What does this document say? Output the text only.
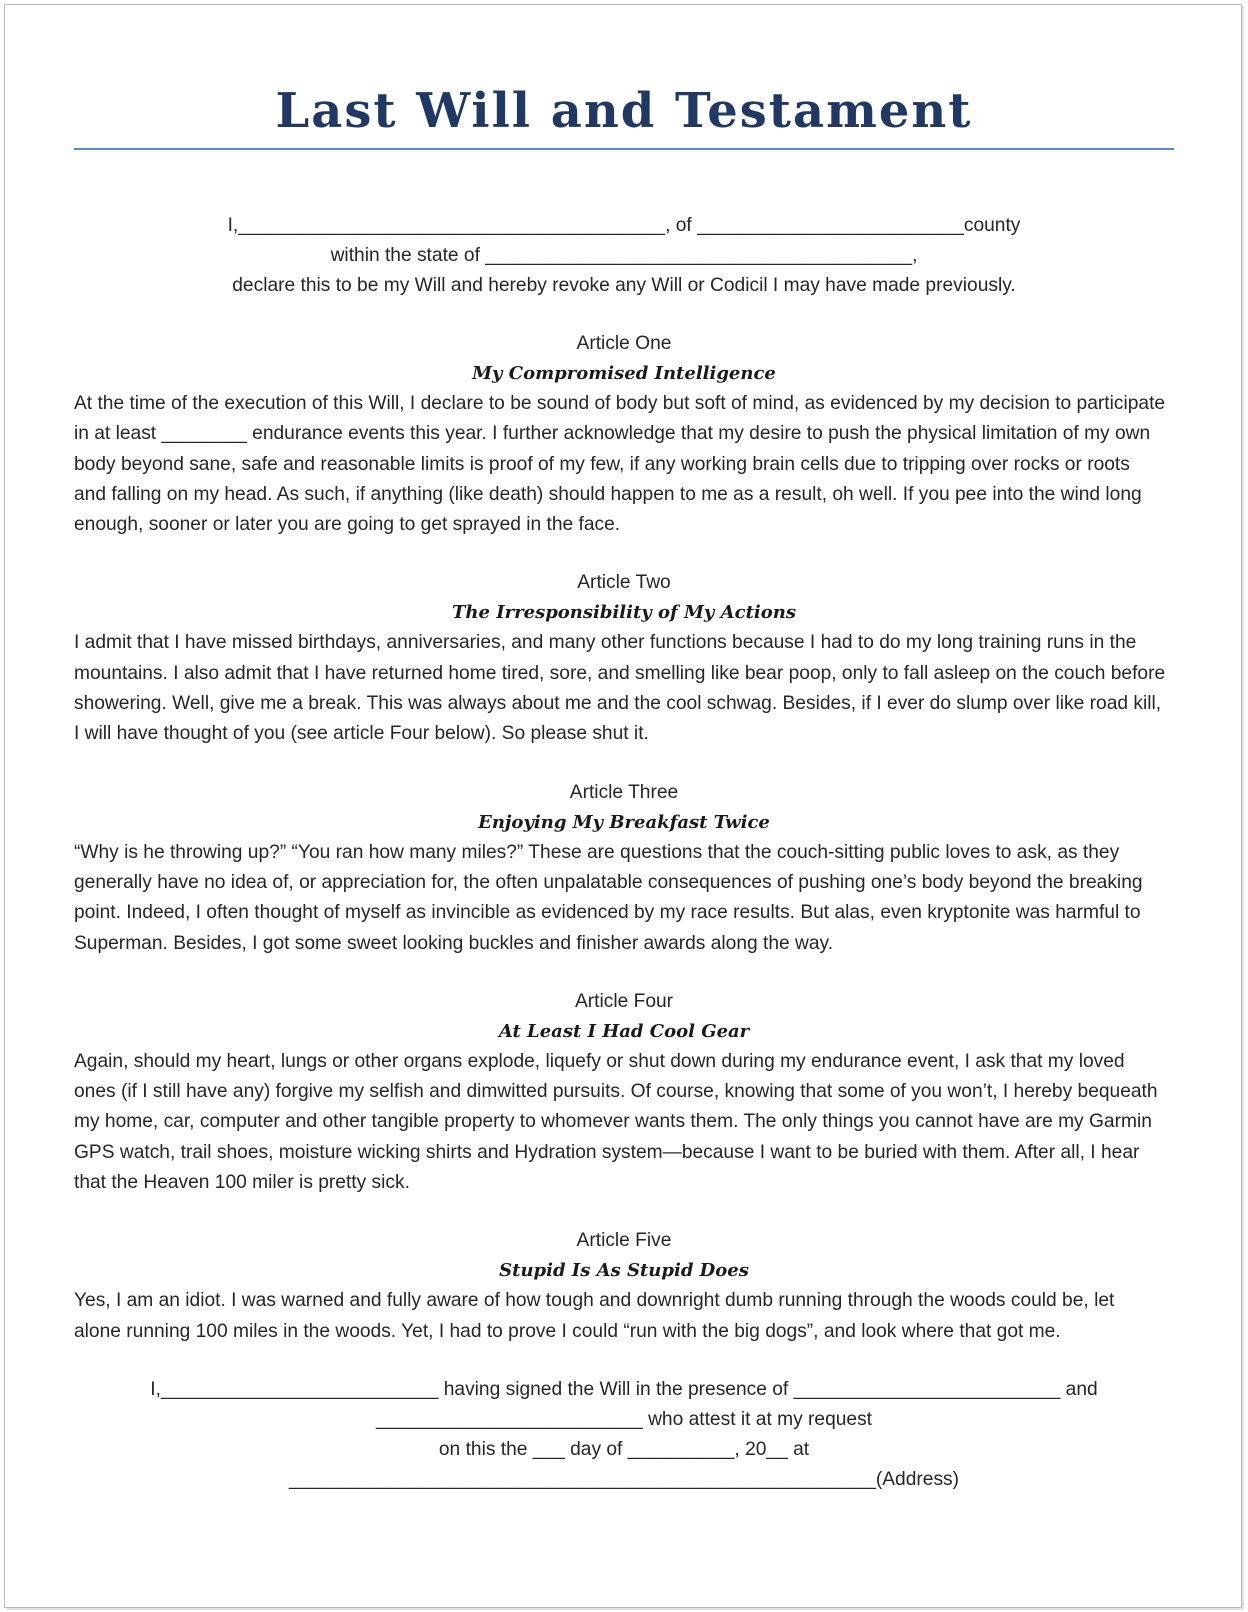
Last Will and Testament
I,________________________________________, of _________________________county
within the state of ________________________________________,
declare this to be my Will and hereby revoke any Will or Codicil I may have made previously.
Article One
My Compromised Intelligence
At the time of the execution of this Will, I declare to be sound of body but soft of mind, as evidenced by my decision to participate in at least ________ endurance events this year. I further acknowledge that my desire to push the physical limitation of my own body beyond sane, safe and reasonable limits is proof of my few, if any working brain cells due to tripping over rocks or roots and falling on my head. As such, if anything (like death) should happen to me as a result, oh well. If you pee into the wind long enough, sooner or later you are going to get sprayed in the face.
Article Two
The Irresponsibility of My Actions
I admit that I have missed birthdays, anniversaries, and many other functions because I had to do my long training runs in the mountains. I also admit that I have returned home tired, sore, and smelling like bear poop, only to fall asleep on the couch before showering. Well, give me a break. This was always about me and the cool schwag. Besides, if I ever do slump over like road kill, I will have thought of you (see article Four below). So please shut it.
Article Three
Enjoying My Breakfast Twice
“Why is he throwing up?” “You ran how many miles?” These are questions that the couch-sitting public loves to ask, as they generally have no idea of, or appreciation for, the often unpalatable consequences of pushing one’s body beyond the breaking point. Indeed, I often thought of myself as invincible as evidenced by my race results. But alas, even kryptonite was harmful to Superman. Besides, I got some sweet looking buckles and finisher awards along the way.
Article Four
At Least I Had Cool Gear
Again, should my heart, lungs or other organs explode, liquefy or shut down during my endurance event, I ask that my loved ones (if I still have any) forgive my selfish and dimwitted pursuits. Of course, knowing that some of you won’t, I hereby bequeath my home, car, computer and other tangible property to whomever wants them. The only things you cannot have are my Garmin GPS watch, trail shoes, moisture wicking shirts and Hydration system—because I want to be buried with them. After all, I hear that the Heaven 100 miler is pretty sick.
Article Five
Stupid Is As Stupid Does
Yes, I am an idiot. I was warned and fully aware of how tough and downright dumb running through the woods could be, let alone running 100 miles in the woods. Yet, I had to prove I could “run with the big dogs”, and look where that got me.
I,__________________________ having signed the Will in the presence of _________________________ and
_________________________ who attest it at my request
on this the ___ day of __________, 20__ at
_______________________________________________________(Address)
